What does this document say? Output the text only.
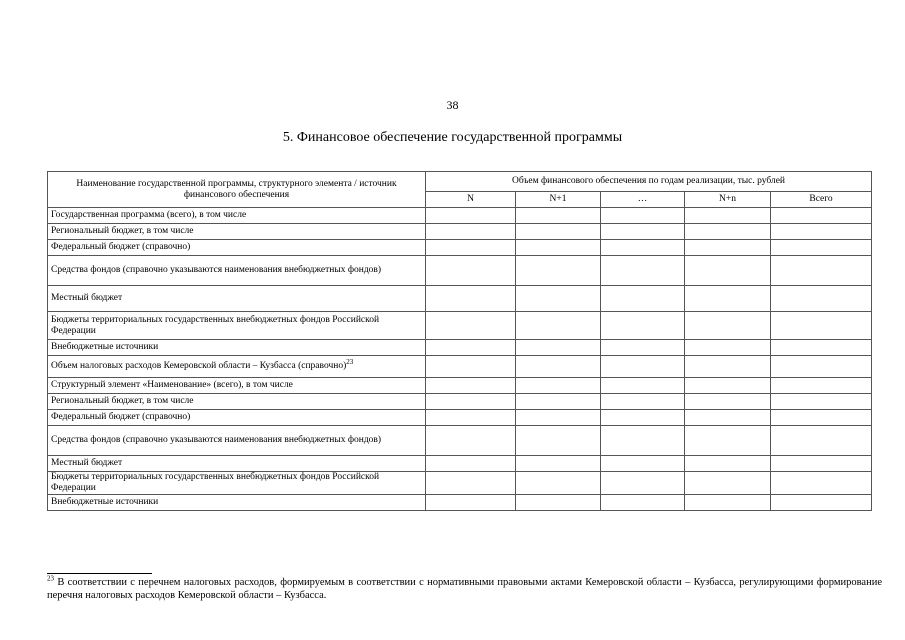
38
5. Финансовое обеспечение государственной программы
Наименование государственной программы, структурного элемента / источник финансового обеспечения	Объем финансового обеспечения по годам реализации, тыс. рублей				
	N	N+1	…	N+n	Всего
Государственная программа (всего), в том числе					
Региональный бюджет, в том числе					
Федеральный бюджет (справочно)					
Средства фондов (справочно указываются наименования внебюджетных фондов)					
Местный бюджет					
Бюджеты территориальных государственных внебюджетных фондов Российской Федерации					
Внебюджетные источники					
Объем налоговых расходов Кемеровской области – Кузбасса (справочно)$^{23}$					
Структурный элемент «Наименование» (всего), в том числе					
Региональный бюджет, в том числе					
Федеральный бюджет (справочно)					
Средства фондов (справочно указываются наименования внебюджетных фондов)					
Местный бюджет					
Бюджеты территориальных государственных внебюджетных фондов Российской Федерации					
Внебюджетные источники					
$^{23}$ В соответствии с перечнем налоговых расходов, формируемым в соответствии с нормативными правовыми актами Кемеровской области – Кузбасса, регулирующими формирование перечня налоговых расходов Кемеровской области – Кузбасса.
